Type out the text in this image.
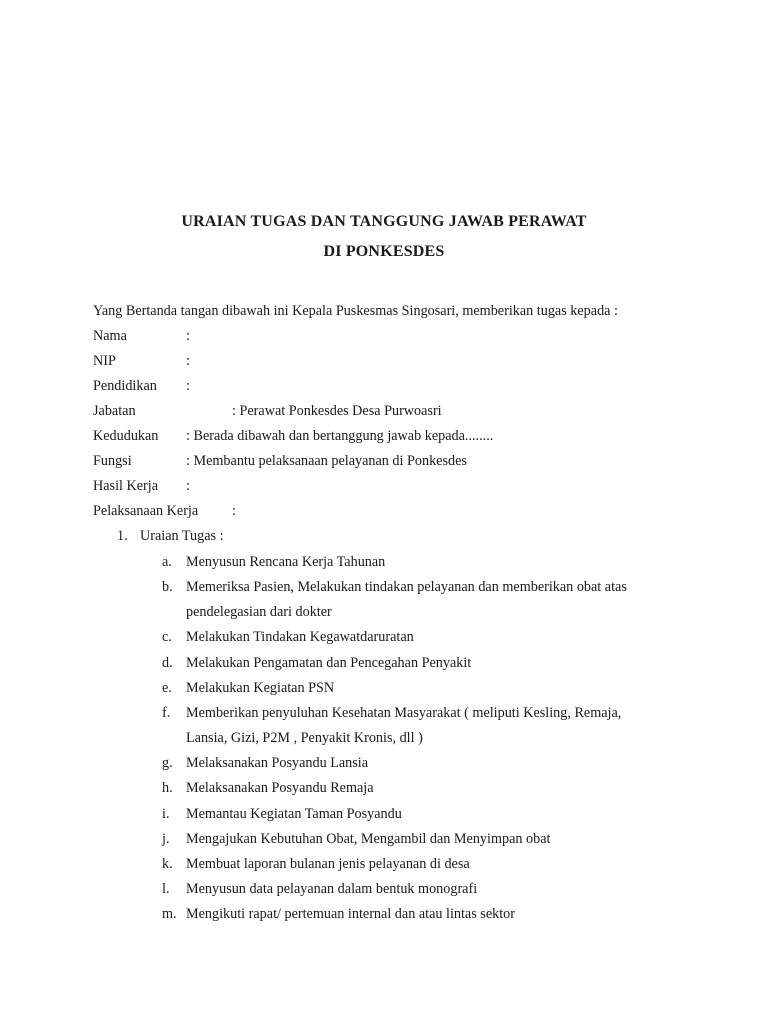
URAIAN TUGAS DAN TANGGUNG JAWAB PERAWAT
DI PONKESDES
Yang Bertanda tangan dibawah ini Kepala Puskesmas Singosari, memberikan tugas kepada :
Nama	:
NIP	:
Pendidikan :
Jabatan	: Perawat Ponkesdes Desa Purwoasri
Kedudukan : Berada dibawah dan bertanggung jawab kepada........
Fungsi	: Membantu pelaksanaan pelayanan di Ponkesdes
Hasil Kerja :
Pelaksanaan Kerja :
1. Uraian Tugas :
a. Menyusun Rencana Kerja Tahunan
b. Memeriksa Pasien, Melakukan tindakan pelayanan dan memberikan obat atas
pendelegasian dari dokter
c. Melakukan Tindakan Kegawatdaruratan
d. Melakukan Pengamatan dan Pencegahan Penyakit
e. Melakukan Kegiatan PSN
f. Memberikan penyuluhan Kesehatan Masyarakat ( meliputi Kesling, Remaja,
Lansia, Gizi, P2M , Penyakit Kronis, dll )
g. Melaksanakan Posyandu Lansia
h. Melaksanakan Posyandu Remaja
i. Memantau Kegiatan Taman Posyandu
j. Mengajukan Kebutuhan Obat, Mengambil dan Menyimpan obat
k. Membuat laporan bulanan jenis pelayanan di desa
l. Menyusun data pelayanan dalam bentuk monografi
m. Mengikuti rapat/ pertemuan internal dan atau lintas sektor
